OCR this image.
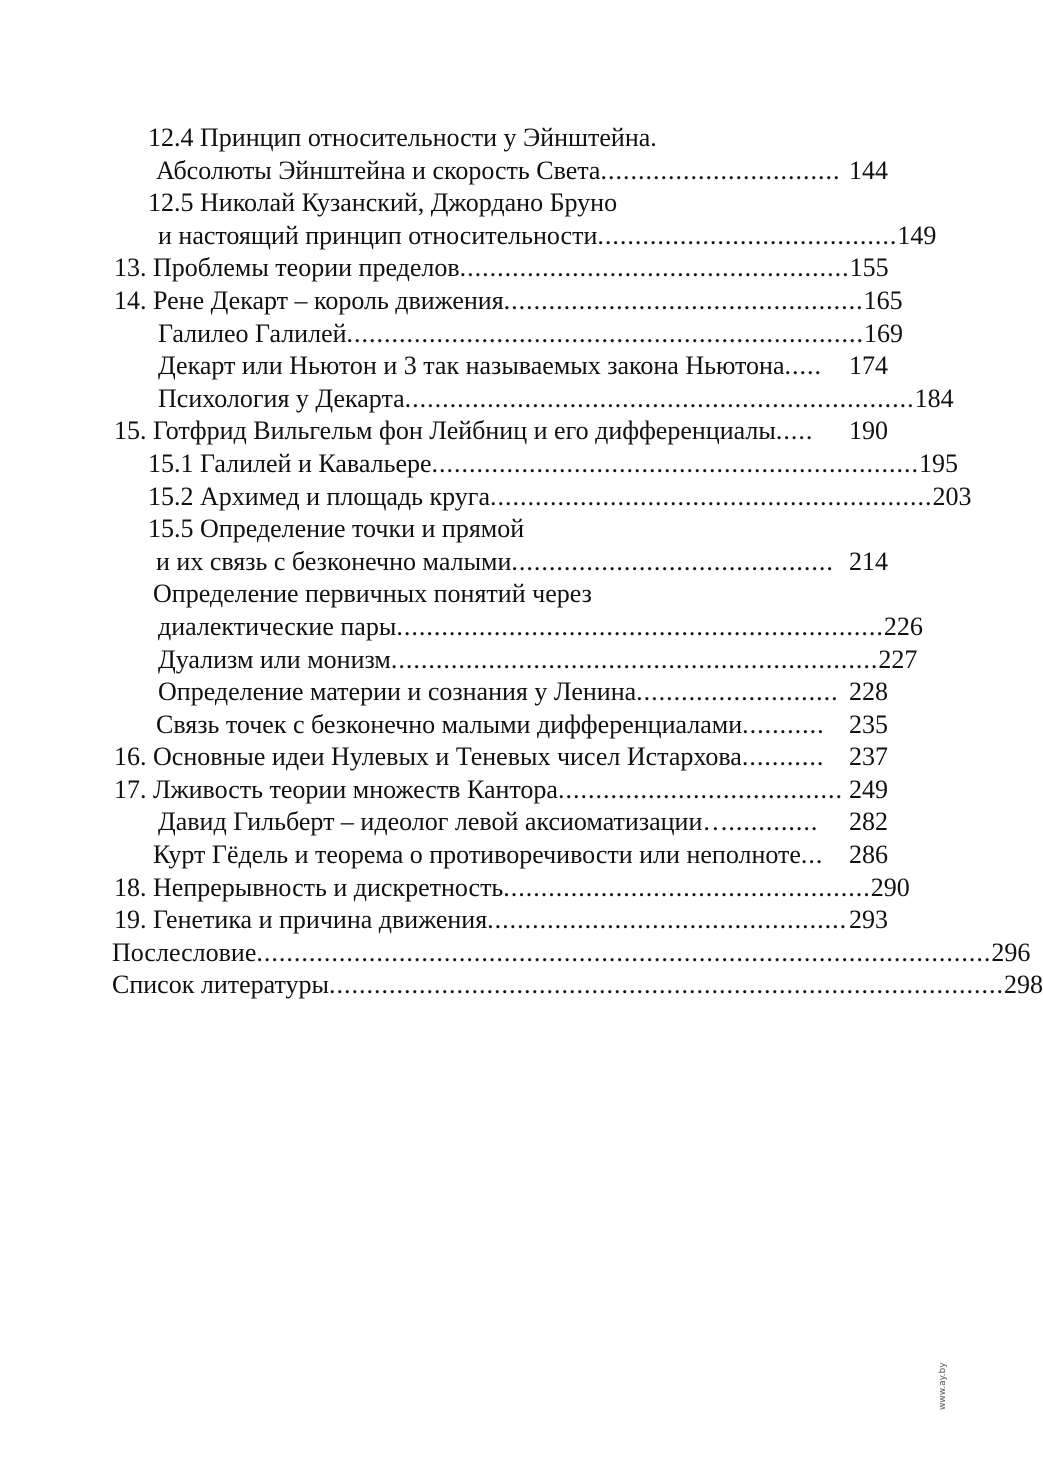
12.4 Принцип относительности у Эйнштейна.
Абсолюты Эйнштейна и скорость Света ................................ 144
12.5 Николай Кузанский, Джордано Бруно
и настоящий принцип относительности ........................................ 149
13. Проблемы теории пределов .................................................... 155
14. Рене Декарт – король движения ................................................ 165
Галилео Галилей ..................................................................... 169
Декарт или Ньютон и 3 так называемых закона Ньютона .....	174
Психология у Декарта .................................................................... 184
15. Готфрид Вильгельм фон Лейбниц и его дифференциалы .....	190
15.1 Галилей и Кавальере ................................................................. 195
15.2 Архимед и площадь круга ........................................................... 203
15.5 Определение точки и прямой
и их связь с безконечно малыми ........................................... 214
Определение первичных понятий через
диалектические пары ................................................................. 226
Дуализм или монизм ................................................................. 227
Определение материи и сознания у Ленина ........................... 228
Связь точек с безконечно малыми дифференциалами ........... 235
16. Основные идеи Нулевых и Теневых чисел Истархова ........... 237
17. Лживость теории множеств Кантора ...................................... 249
Давид Гильберт – идеолог левой аксиоматизации… ............	282
Курт Гёдель и теорема о противоречивости или неполноте ... 286
18. Непрерывность и дискретность ................................................. 290
19. Генетика и причина движения ................................................ 293
Послесловие .................................................................................................. 296
Список литературы .......................................................................................... 298
www.ay.by
